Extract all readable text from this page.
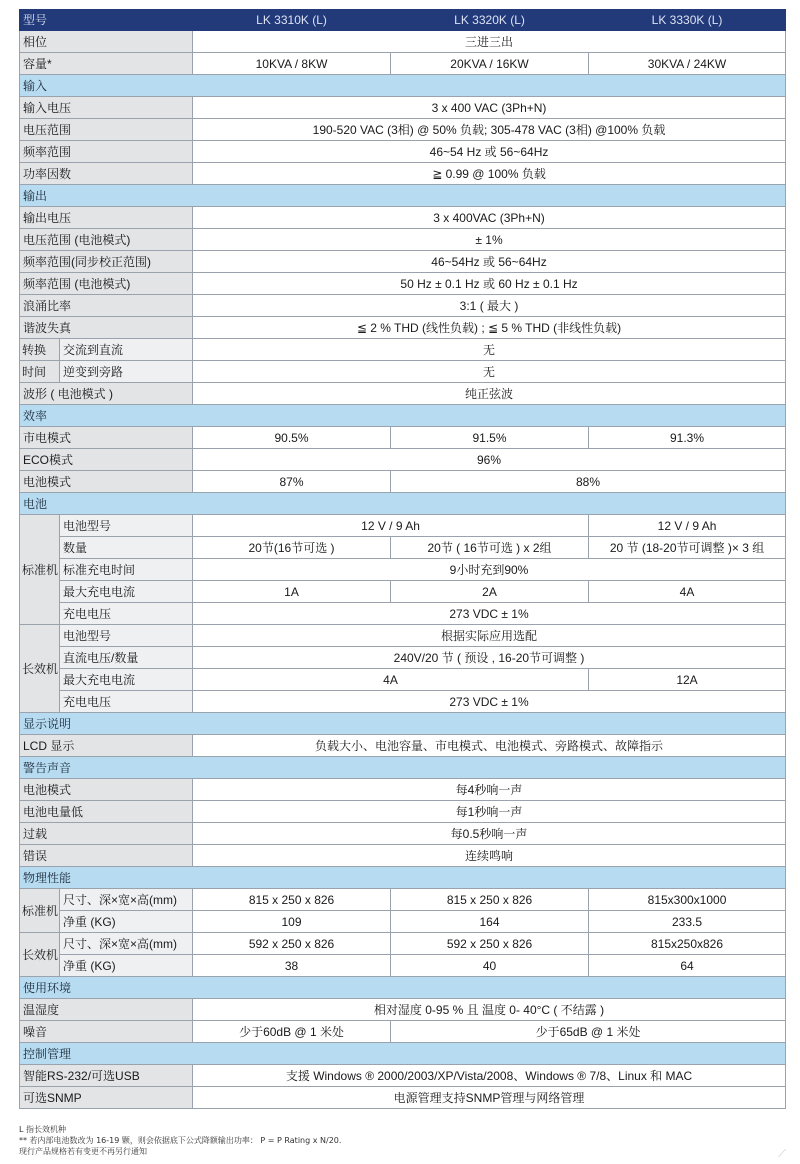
型号		LK 3310K (L)	LK 3320K (L)	LK 3330K (L)
相位		三进三出		
容量*		10KVA / 8KW	20KVA / 16KW	30KVA / 24KW
输入				
输入电压		3 x 400 VAC (3Ph+N)		
电压范围		190-520 VAC (3相) @ 50% 负载; 305-478 VAC (3相) @100% 负载		
频率范围		46~54 Hz 或 56~64Hz		
功率因数		≧ 0.99 @ 100% 负载		
输出				
输出电压		3 x 400VAC (3Ph+N)		
电压范围 (电池模式)		± 1%		
频率范围(同步校正范围)		46~54Hz 或 56~64Hz		
频率范围 (电池模式)		50 Hz ± 0.1 Hz 或 60 Hz ± 0.1 Hz		
浪涌比率		3:1 ( 最大 )		
谐波失真		≦ 2 % THD (线性负载) ; ≦ 5 % THD (非线性负载)		
转换	交流到直流	无		
时间	逆变到旁路	无		
波形 ( 电池模式 )		纯正弦波		
效率				
市电模式		90.5%	91.5%	91.3%
ECO模式		96%		
电池模式		87%	88%	
电池				
标准机	电池型号	12 V / 9 Ah		12 V / 9 Ah
	数量	20节(16节可选 )	20节 ( 16节可选 ) x 2组	20 节 (18-20节可调整 )× 3 组
	标准充电时间	9小时充到90%		
	最大充电电流	1A	2A	4A
	充电电压	273 VDC ± 1%		
长效机	电池型号	根据实际应用选配		
	直流电压/数量	240V/20 节 ( 预设 , 16-20节可调整 )		
	最大充电电流	4A		12A
	充电电压	273 VDC ± 1%		
显示说明				
LCD 显示		负载大小、电池容量、市电模式、电池模式、旁路模式、故障指示		
警告声音				
电池模式		每4秒响一声		
电池电量低		每1秒响一声		
过载		每0.5秒响一声		
错误		连续鸣响		
物理性能				
标准机	尺寸、深×宽×高(mm)	815 x 250 x 826	815 x 250 x 826	815x300x1000
	净重 (KG)	109	164	233.5
长效机	尺寸、深×宽×高(mm)	592 x 250 x 826	592 x 250 x 826	815x250x826
	净重 (KG)	38	40	64
使用环境				
温湿度		相对湿度 0-95 % 且 温度 0- 40°C ( 不结露 )		
噪音		少于60dB @ 1 米处	少于65dB @ 1 米处	
控制管理				
智能RS-232/可选USB		支援 Windows ® 2000/2003/XP/Vista/2008、Windows ® 7/8、Linux 和 MAC		
可选SNMP		电源管理支持SNMP管理与网络管理		
L 指长效机种
** 若内部电池数改为 16-19 颗，则会依据底下公式降额输出功率： P = P Rating x N/20.
现行产品规格若有变更不再另行通知	⟋
